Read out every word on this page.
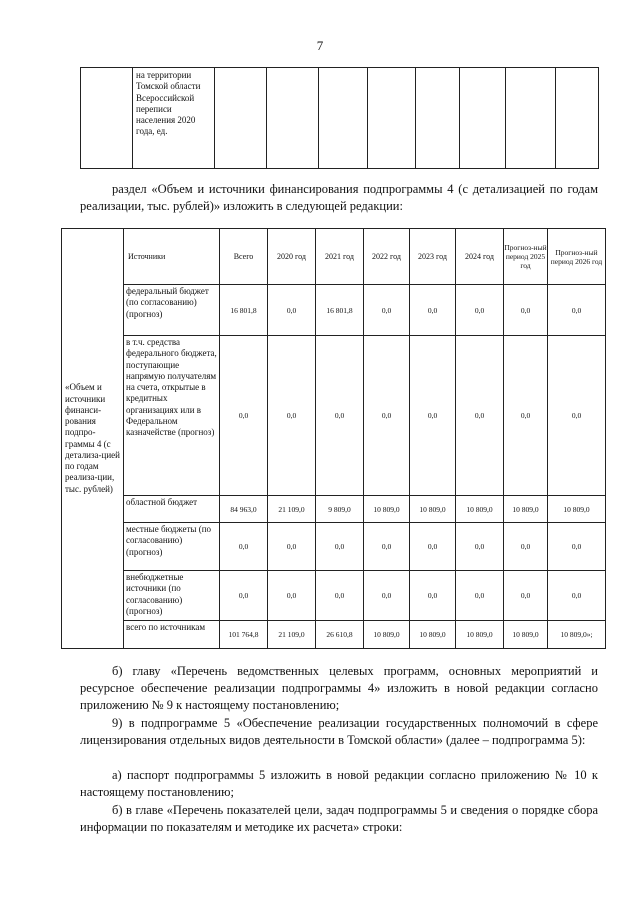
7
	на территории Томской области Всероссийской переписи населения 2020 года, ед.								
раздел «Объем и источники финансирования подпрограммы 4 (с детализацией по годам реализации, тыс. рублей)» изложить в следующей редакции:
«Объем и источники финанси-рования подпро-граммы 4 (с детализа-цией по годам реализа-ции, тыс. рублей)	Источники	Всего	2020 год	2021 год	2022 год	2023 год	2024 год	Прогноз-ный период 2025 год	Прогноз-ный период 2026 год
	федеральный бюджет (по согласованию) (прогноз)	16 801,8	0,0	16 801,8	0,0	0,0	0,0	0,0	0,0
	в т.ч. средства федерального бюджета, поступающие напрямую получателям на счета, открытые в кредитных организациях или в Федеральном казначействе (прогноз)	0,0	0,0	0,0	0,0	0,0	0,0	0,0	0,0
	областной бюджет	84 963,0	21 109,0	9 809,0	10 809,0	10 809,0	10 809,0	10 809,0	10 809,0
	местные бюджеты (по согласованию) (прогноз)	0,0	0,0	0,0	0,0	0,0	0,0	0,0	0,0
	внебюджетные источники (по согласованию) (прогноз)	0,0	0,0	0,0	0,0	0,0	0,0	0,0	0,0
	всего по источникам	101 764,8	21 109,0	26 610,8	10 809,0	10 809,0	10 809,0	10 809,0	10 809,0»;
б) главу «Перечень ведомственных целевых программ, основных мероприятий и ресурсное обеспечение реализации подпрограммы 4» изложить в новой редакции согласно приложению № 9 к настоящему постановлению;
9) в подпрограмме 5 «Обеспечение реализации государственных полномочий в сфере лицензирования отдельных видов деятельности в Томской области» (далее – подпрограмма 5):
а) паспорт подпрограммы 5 изложить в новой редакции согласно приложению № 10 к настоящему постановлению;
б) в главе «Перечень показателей цели, задач подпрограммы 5 и сведения о порядке сбора информации по показателям и методике их расчета» строки:
